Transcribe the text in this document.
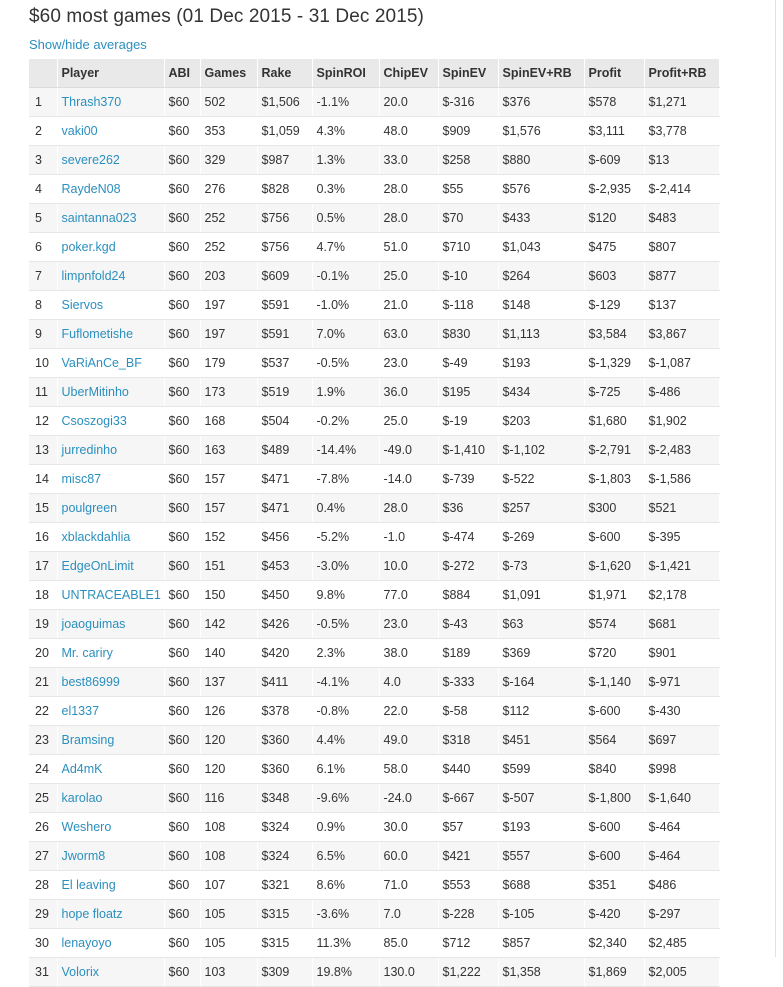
$60 most games (01 Dec 2015 - 31 Dec 2015)
Show/hide averages
	Player	ABI	Games	Rake	SpinROI	ChipEV	SpinEV	SpinEV+RB	Profit	Profit+RB
1	Thrash370	$60	502	$1,506	-1.1%	20.0	$-316	$376	$578	$1,271
2	vaki00	$60	353	$1,059	4.3%	48.0	$909	$1,576	$3,111	$3,778
3	severe262	$60	329	$987	1.3%	33.0	$258	$880	$-609	$13
4	RaydeN08	$60	276	$828	0.3%	28.0	$55	$576	$-2,935	$-2,414
5	saintanna023	$60	252	$756	0.5%	28.0	$70	$433	$120	$483
6	poker.kgd	$60	252	$756	4.7%	51.0	$710	$1,043	$475	$807
7	limpnfold24	$60	203	$609	-0.1%	25.0	$-10	$264	$603	$877
8	Siervos	$60	197	$591	-1.0%	21.0	$-118	$148	$-129	$137
9	Fuflometishe	$60	197	$591	7.0%	63.0	$830	$1,113	$3,584	$3,867
10	VaRiAnCe_BF	$60	179	$537	-0.5%	23.0	$-49	$193	$-1,329	$-1,087
11	UberMitinho	$60	173	$519	1.9%	36.0	$195	$434	$-725	$-486
12	Csoszogi33	$60	168	$504	-0.2%	25.0	$-19	$203	$1,680	$1,902
13	jurredinho	$60	163	$489	-14.4%	-49.0	$-1,410	$-1,102	$-2,791	$-2,483
14	misc87	$60	157	$471	-7.8%	-14.0	$-739	$-522	$-1,803	$-1,586
15	poulgreen	$60	157	$471	0.4%	28.0	$36	$257	$300	$521
16	xblackdahlia	$60	152	$456	-5.2%	-1.0	$-474	$-269	$-600	$-395
17	EdgeOnLimit	$60	151	$453	-3.0%	10.0	$-272	$-73	$-1,620	$-1,421
18	UNTRACEABLE1	$60	150	$450	9.8%	77.0	$884	$1,091	$1,971	$2,178
19	joaoguimas	$60	142	$426	-0.5%	23.0	$-43	$63	$574	$681
20	Mr. cariry	$60	140	$420	2.3%	38.0	$189	$369	$720	$901
21	best86999	$60	137	$411	-4.1%	4.0	$-333	$-164	$-1,140	$-971
22	el1337	$60	126	$378	-0.8%	22.0	$-58	$112	$-600	$-430
23	Bramsing	$60	120	$360	4.4%	49.0	$318	$451	$564	$697
24	Ad4mK	$60	120	$360	6.1%	58.0	$440	$599	$840	$998
25	karolao	$60	116	$348	-9.6%	-24.0	$-667	$-507	$-1,800	$-1,640
26	Weshero	$60	108	$324	0.9%	30.0	$57	$193	$-600	$-464
27	Jworm8	$60	108	$324	6.5%	60.0	$421	$557	$-600	$-464
28	El leaving	$60	107	$321	8.6%	71.0	$553	$688	$351	$486
29	hope floatz	$60	105	$315	-3.6%	7.0	$-228	$-105	$-420	$-297
30	lenayoyo	$60	105	$315	11.3%	85.0	$712	$857	$2,340	$2,485
31	Volorix	$60	103	$309	19.8%	130.0	$1,222	$1,358	$1,869	$2,005
